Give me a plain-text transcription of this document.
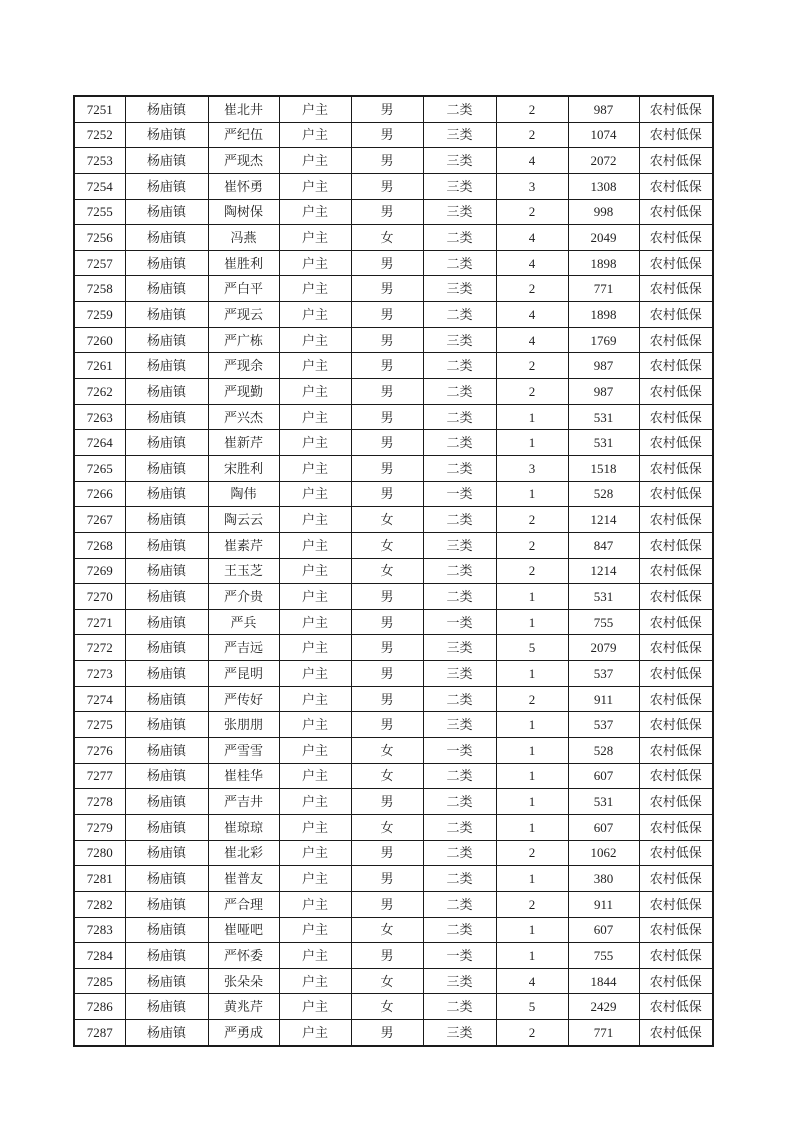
7251	杨庙镇	崔北井	户主	男	二类	2	987	农村低保
7252	杨庙镇	严纪伍	户主	男	三类	2	1074	农村低保
7253	杨庙镇	严现杰	户主	男	三类	4	2072	农村低保
7254	杨庙镇	崔怀勇	户主	男	三类	3	1308	农村低保
7255	杨庙镇	陶树保	户主	男	三类	2	998	农村低保
7256	杨庙镇	冯燕	户主	女	二类	4	2049	农村低保
7257	杨庙镇	崔胜利	户主	男	二类	4	1898	农村低保
7258	杨庙镇	严白平	户主	男	三类	2	771	农村低保
7259	杨庙镇	严现云	户主	男	二类	4	1898	农村低保
7260	杨庙镇	严广栋	户主	男	三类	4	1769	农村低保
7261	杨庙镇	严现余	户主	男	二类	2	987	农村低保
7262	杨庙镇	严现勤	户主	男	二类	2	987	农村低保
7263	杨庙镇	严兴杰	户主	男	二类	1	531	农村低保
7264	杨庙镇	崔新芹	户主	男	二类	1	531	农村低保
7265	杨庙镇	宋胜利	户主	男	二类	3	1518	农村低保
7266	杨庙镇	陶伟	户主	男	一类	1	528	农村低保
7267	杨庙镇	陶云云	户主	女	二类	2	1214	农村低保
7268	杨庙镇	崔素芹	户主	女	三类	2	847	农村低保
7269	杨庙镇	王玉芝	户主	女	二类	2	1214	农村低保
7270	杨庙镇	严介贵	户主	男	二类	1	531	农村低保
7271	杨庙镇	严兵	户主	男	一类	1	755	农村低保
7272	杨庙镇	严吉远	户主	男	三类	5	2079	农村低保
7273	杨庙镇	严昆明	户主	男	三类	1	537	农村低保
7274	杨庙镇	严传好	户主	男	二类	2	911	农村低保
7275	杨庙镇	张朋朋	户主	男	三类	1	537	农村低保
7276	杨庙镇	严雪雪	户主	女	一类	1	528	农村低保
7277	杨庙镇	崔桂华	户主	女	二类	1	607	农村低保
7278	杨庙镇	严吉井	户主	男	二类	1	531	农村低保
7279	杨庙镇	崔琼琼	户主	女	二类	1	607	农村低保
7280	杨庙镇	崔北彩	户主	男	二类	2	1062	农村低保
7281	杨庙镇	崔普友	户主	男	二类	1	380	农村低保
7282	杨庙镇	严合理	户主	男	二类	2	911	农村低保
7283	杨庙镇	崔哑吧	户主	女	二类	1	607	农村低保
7284	杨庙镇	严怀委	户主	男	一类	1	755	农村低保
7285	杨庙镇	张朵朵	户主	女	三类	4	1844	农村低保
7286	杨庙镇	黄兆芹	户主	女	二类	5	2429	农村低保
7287	杨庙镇	严勇成	户主	男	三类	2	771	农村低保
